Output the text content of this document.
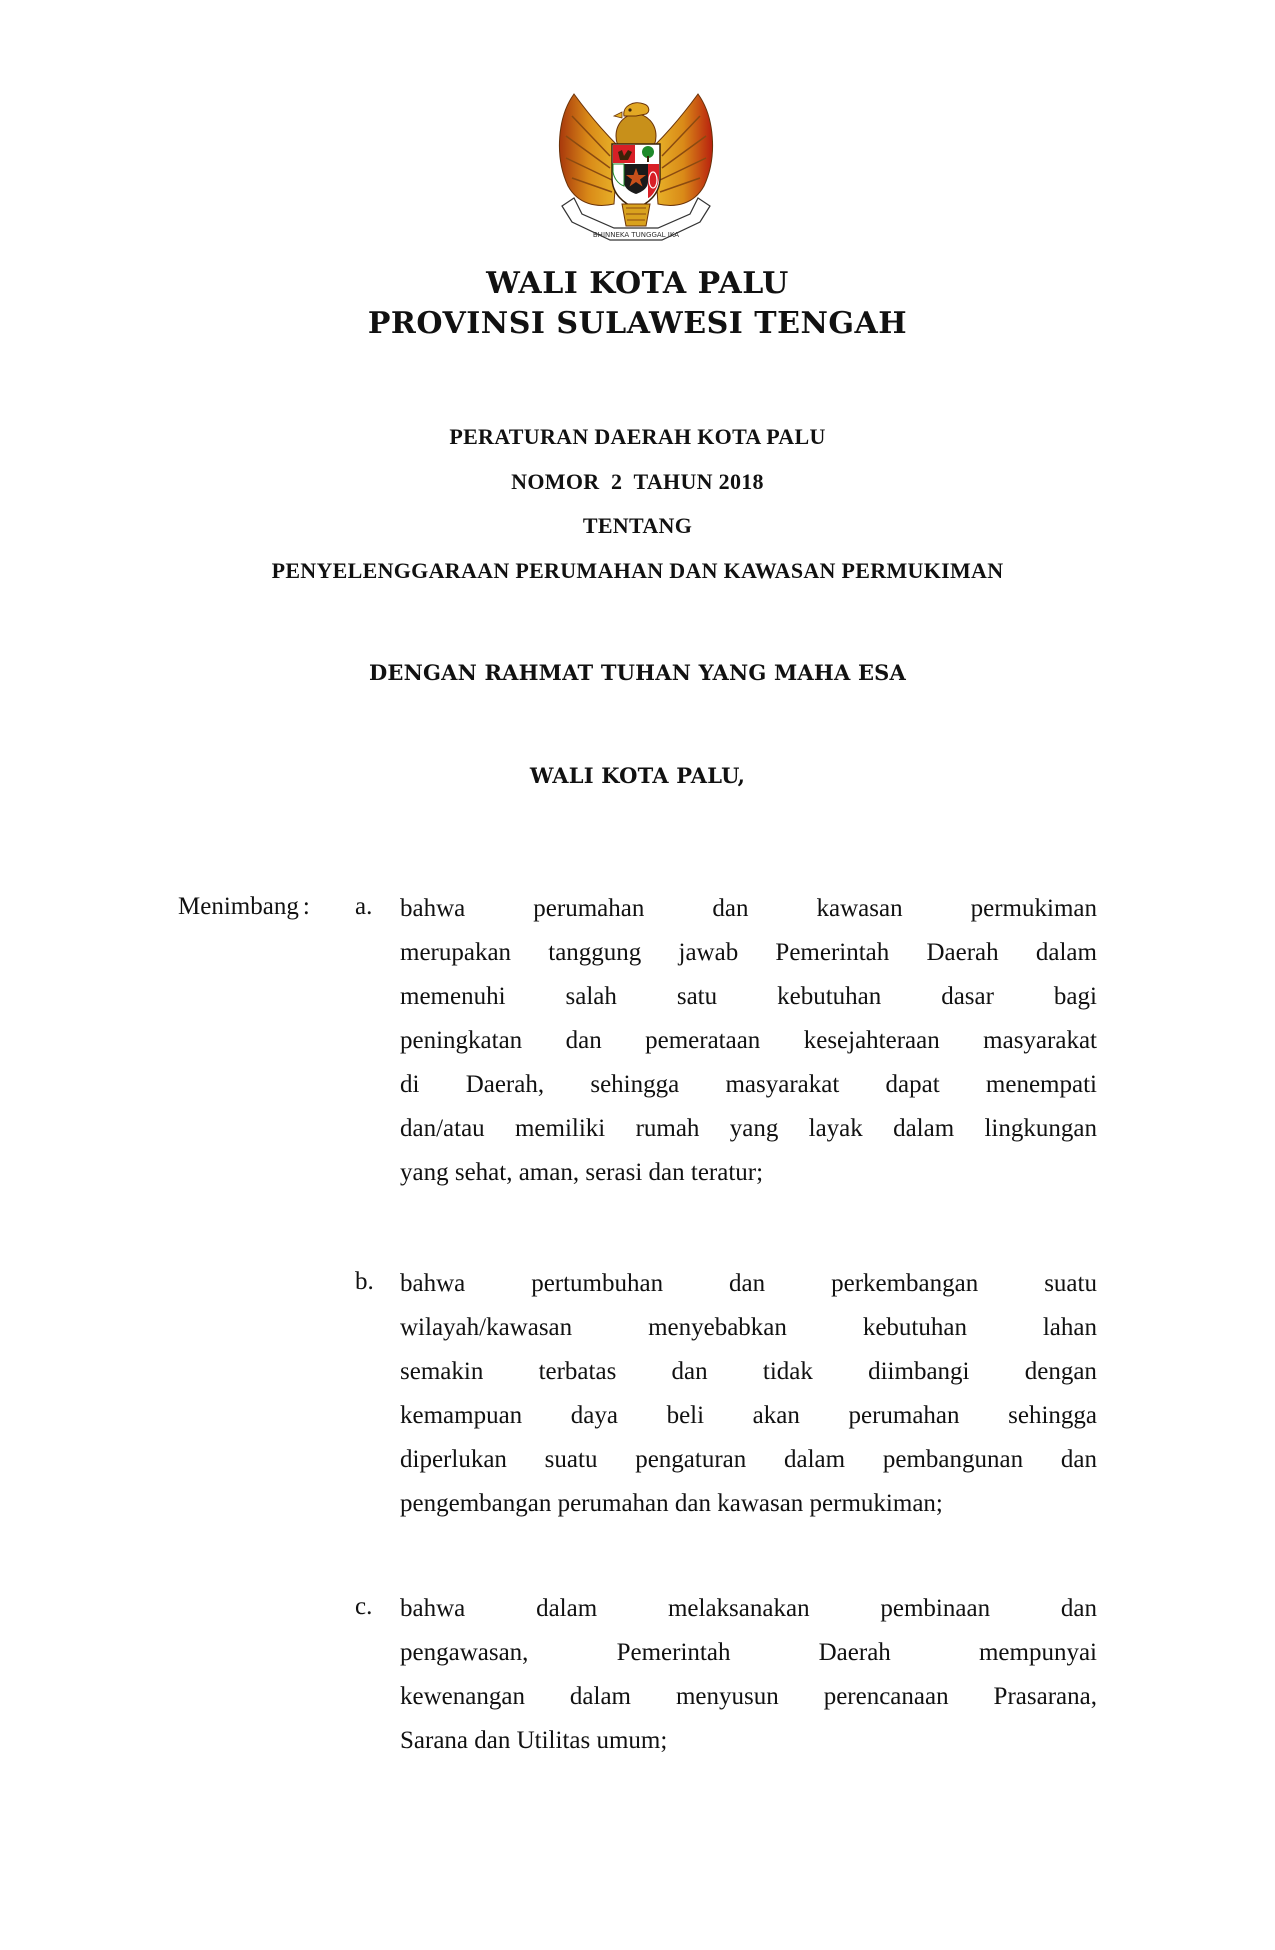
BHINNEKA TUNGGAL IKA
WALI KOTA PALU
PROVINSI SULAWESI TENGAH
PERATURAN DAERAH KOTA PALU
NOMOR  2  TAHUN 2018
TENTANG
PENYELENGGARAAN PERUMAHAN DAN KAWASAN PERMUKIMAN
DENGAN RAHMAT TUHAN YANG MAHA ESA
WALI KOTA PALU,
Menimbang : a. bahwa	perumahan	dan	kawasan	permukiman
merupakan tanggung jawab Pemerintah Daerah dalam
memenuhi salah satu kebutuhan dasar bagi
peningkatan dan pemerataan kesejahteraan masyarakat
di Daerah, sehingga masyarakat dapat menempati
dan/atau memiliki rumah yang layak dalam lingkungan
yang sehat, aman, serasi dan teratur;
b. bahwa	pertumbuhan	dan	perkembangan	suatu
wilayah/kawasan	menyebabkan	kebutuhan	lahan
semakin terbatas dan tidak diimbangi dengan
kemampuan daya beli akan perumahan sehingga
diperlukan suatu pengaturan dalam pembangunan dan
pengembangan perumahan dan kawasan permukiman;
c. bahwa	dalam	melaksanakan	pembinaan	dan
pengawasan,	Pemerintah	Daerah	mempunyai
kewenangan dalam menyusun perencanaan Prasarana,
Sarana dan Utilitas umum;
